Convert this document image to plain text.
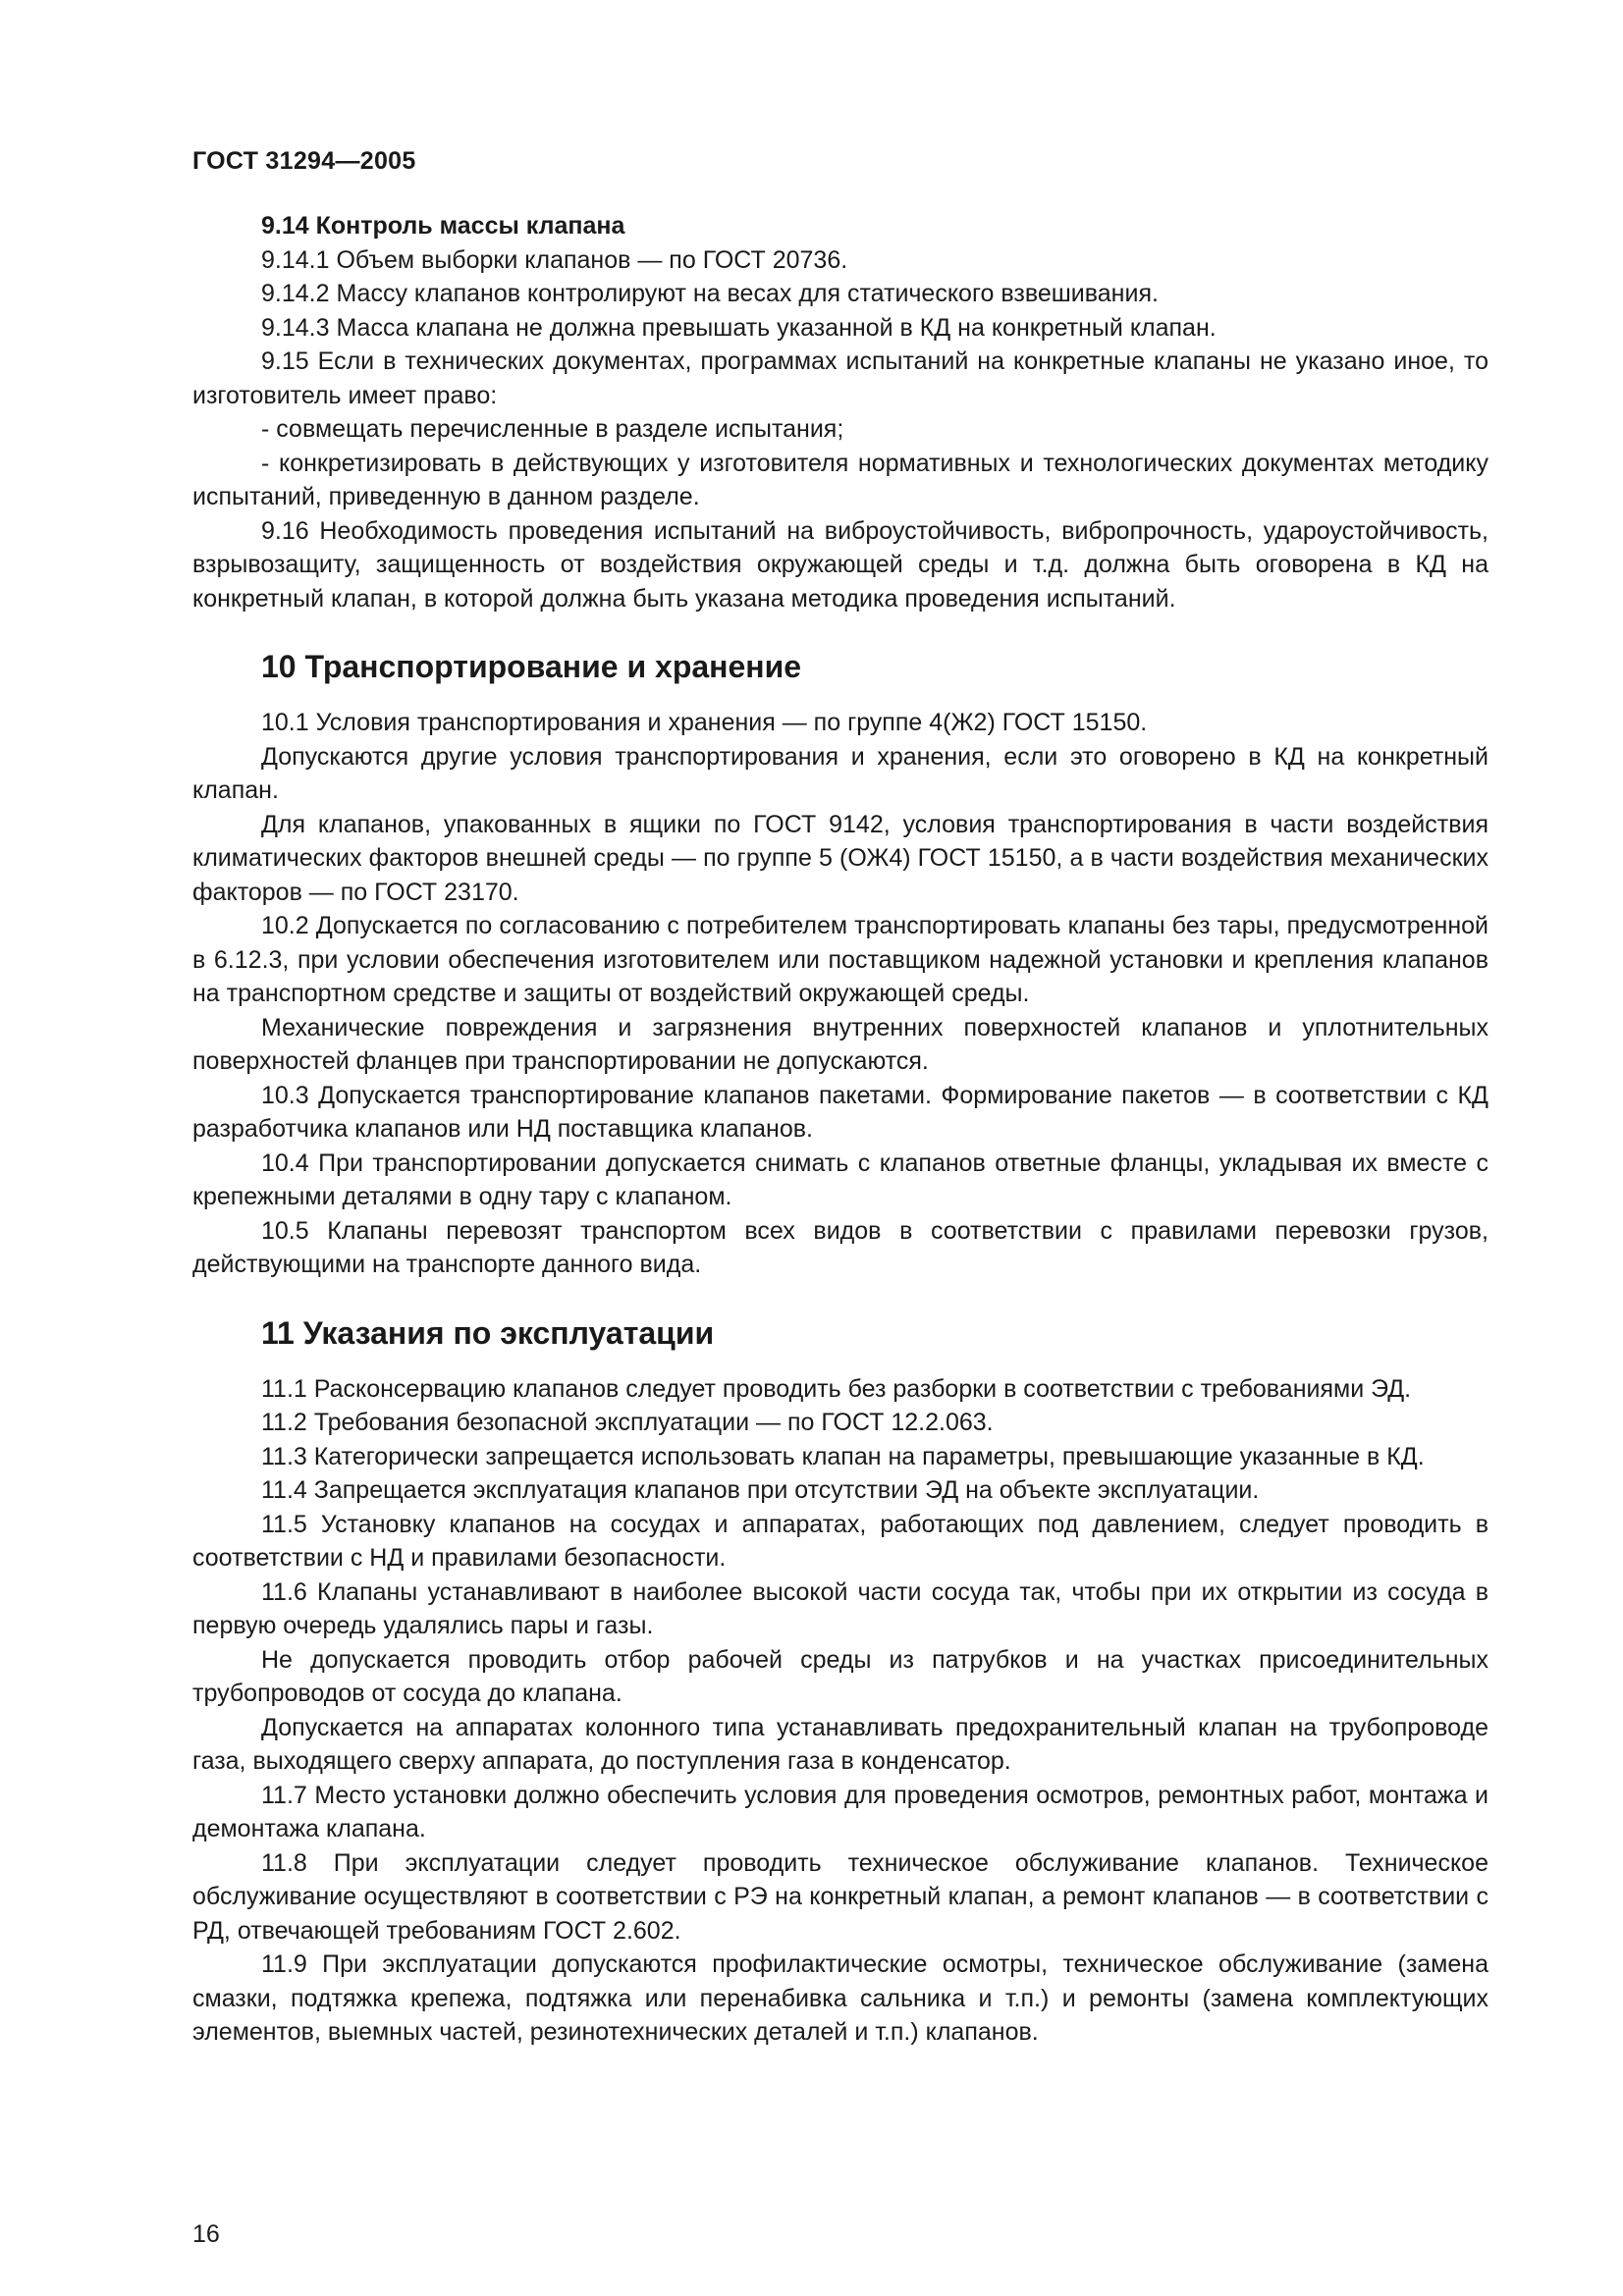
ГОСТ 31294—2005

9.14 Контроль массы клапана

9.14.1 Объем выборки клапанов — по ГОСТ 20736.

9.14.2 Массу клапанов контролируют на весах для статического взвешивания.

9.14.3 Масса клапана не должна превышать указанной в КД на конкретный клапан.

9.15 Если в технических документах, программах испытаний на конкретные клапаны не указано иное, то изготовитель имеет право:

- совмещать перечисленные в разделе испытания;

- конкретизировать в действующих у изготовителя нормативных и технологических документах методику испытаний, приведенную в данном разделе.

9.16 Необходимость проведения испытаний на виброустойчивость, вибропрочность, удароустойчивость, взрывозащиту, защищенность от воздействия окружающей среды и т.д. должна быть оговорена в КД на конкретный клапан, в которой должна быть указана методика проведения испытаний.

10 Транспортирование и хранение

10.1 Условия транспортирования и хранения — по группе 4(Ж2) ГОСТ 15150.

Допускаются другие условия транспортирования и хранения, если это оговорено в КД на конкретный клапан.

Для клапанов, упакованных в ящики по ГОСТ 9142, условия транспортирования в части воздействия климатических факторов внешней среды — по группе 5 (ОЖ4) ГОСТ 15150, а в части воздействия механических факторов — по ГОСТ 23170.

10.2 Допускается по согласованию с потребителем транспортировать клапаны без тары, предусмотренной в 6.12.3, при условии обеспечения изготовителем или поставщиком надежной установки и крепления клапанов на транспортном средстве и защиты от воздействий окружающей среды.

Механические повреждения и загрязнения внутренних поверхностей клапанов и уплотнительных поверхностей фланцев при транспортировании не допускаются.

10.3 Допускается транспортирование клапанов пакетами. Формирование пакетов — в соответствии с КД разработчика клапанов или НД поставщика клапанов.

10.4 При транспортировании допускается снимать с клапанов ответные фланцы, укладывая их вместе с крепежными деталями в одну тару с клапаном.

10.5 Клапаны перевозят транспортом всех видов в соответствии с правилами перевозки грузов, действующими на транспорте данного вида.

11 Указания по эксплуатации

11.1 Расконсервацию клапанов следует проводить без разборки в соответствии с требованиями ЭД.

11.2 Требования безопасной эксплуатации — по ГОСТ 12.2.063.

11.3 Категорически запрещается использовать клапан на параметры, превышающие указанные в КД.

11.4 Запрещается эксплуатация клапанов при отсутствии ЭД на объекте эксплуатации.

11.5 Установку клапанов на сосудах и аппаратах, работающих под давлением, следует проводить в соответствии с НД и правилами безопасности.

11.6 Клапаны устанавливают в наиболее высокой части сосуда так, чтобы при их открытии из сосуда в первую очередь удалялись пары и газы.

Не допускается проводить отбор рабочей среды из патрубков и на участках присоединительных трубопроводов от сосуда до клапана.

Допускается на аппаратах колонного типа устанавливать предохранительный клапан на трубопроводе газа, выходящего сверху аппарата, до поступления газа в конденсатор.

11.7 Место установки должно обеспечить условия для проведения осмотров, ремонтных работ, монтажа и демонтажа клапана.

11.8 При эксплуатации следует проводить техническое обслуживание клапанов. Техническое обслуживание осуществляют в соответствии с РЭ на конкретный клапан, а ремонт клапанов — в соответствии с РД, отвечающей требованиям ГОСТ 2.602.

11.9 При эксплуатации допускаются профилактические осмотры, техническое обслуживание (замена смазки, подтяжка крепежа, подтяжка или перенабивка сальника и т.п.) и ремонты (замена комплектующих элементов, выемных частей, резинотехнических деталей и т.п.) клапанов.

16
